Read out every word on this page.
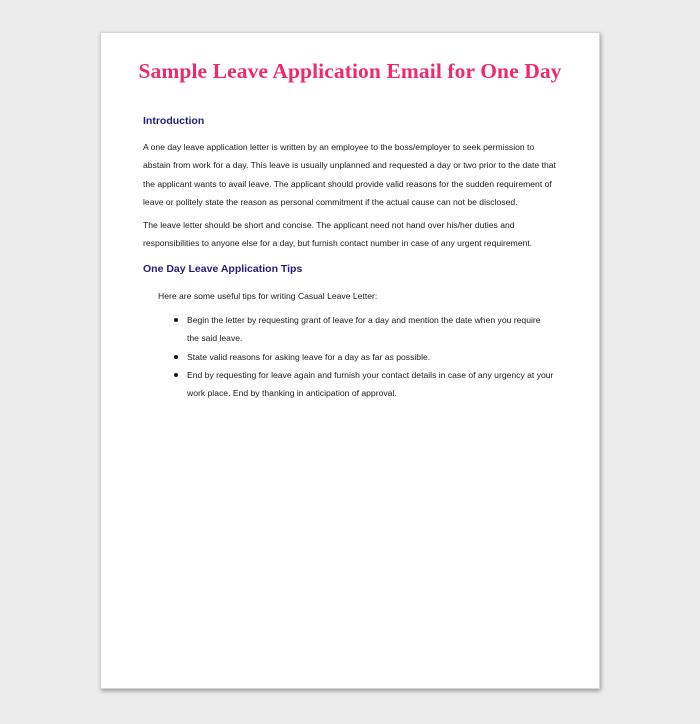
Sample Leave Application Email for One Day
Introduction

A one day leave application letter is written by an employee to the boss/employer to seek permission to abstain from work for a day. This leave is usually unplanned and requested a day or two prior to the date that the applicant wants to avail leave. The applicant should provide valid reasons for the sudden requirement of leave or politely state the reason as personal commitment if the actual cause can not be disclosed.

The leave letter should be short and concise. The applicant need not hand over his/her duties and responsibilities to anyone else for a day, but furnish contact number in case of any urgent requirement.

One Day Leave Application Tips

Here are some useful tips for writing Casual Leave Letter:

Begin the letter by requesting grant of leave for a day and mention the date when you require the said leave.
State valid reasons for asking leave for a day as far as possible.
End by requesting for leave again and furnish your contact details in case of any urgency at your work place. End by thanking in anticipation of approval.
